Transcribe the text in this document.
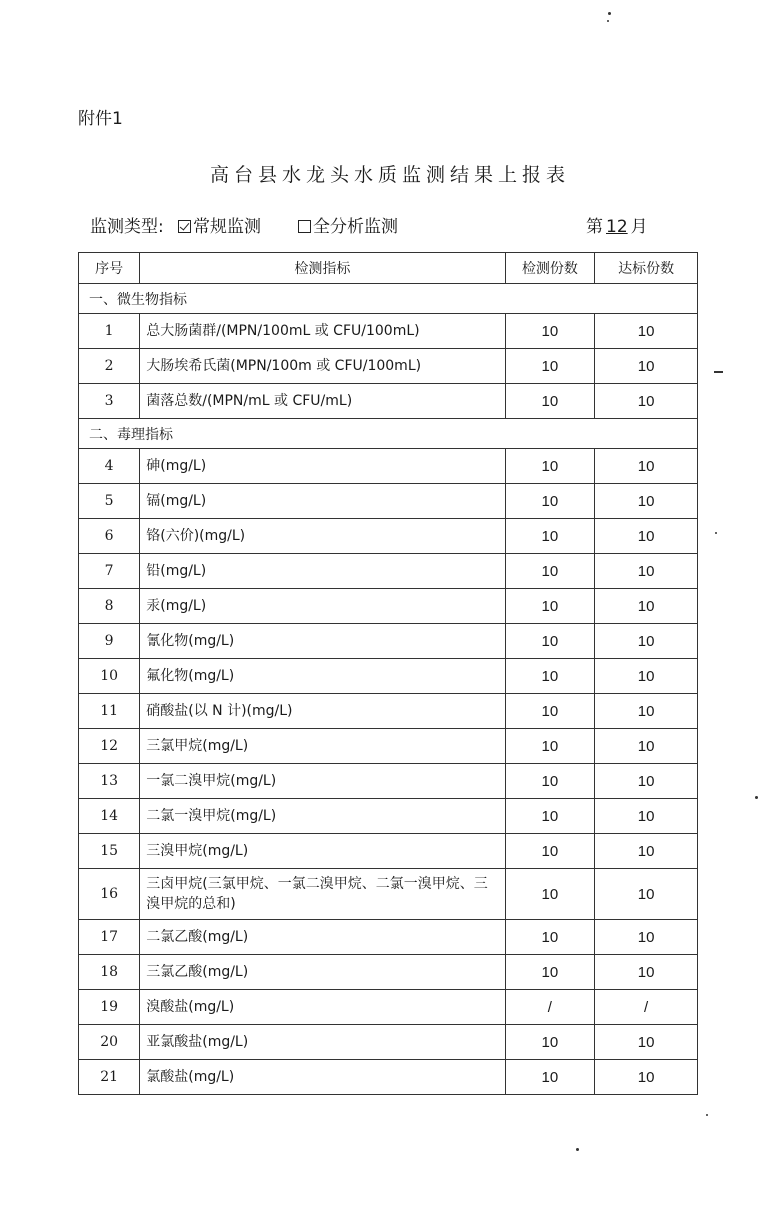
附件1
高台县水龙头水质监测结果上报表
监测类型:	常规监测	全分析监测	第 12 月
序号	检测指标	检测份数	达标份数
一、微生物指标			
1	总大肠菌群/(MPN/100mL 或 CFU/100mL)	10	10
2	大肠埃希氏菌(MPN/100m 或 CFU/100mL)	10	10
3	菌落总数/(MPN/mL 或 CFU/mL)	10	10
二、毒理指标			
4	砷(mg/L)	10	10
5	镉(mg/L)	10	10
6	铬(六价)(mg/L)	10	10
7	铅(mg/L)	10	10
8	汞(mg/L)	10	10
9	氰化物(mg/L)	10	10
10	氟化物(mg/L)	10	10
11	硝酸盐(以 N 计)(mg/L)	10	10
12	三氯甲烷(mg/L)	10	10
13	一氯二溴甲烷(mg/L)	10	10
14	二氯一溴甲烷(mg/L)	10	10
15	三溴甲烷(mg/L)	10	10
16	三卤甲烷(三氯甲烷、一氯二溴甲烷、二氯一溴甲烷、三溴甲烷的总和)	10	10
17	二氯乙酸(mg/L)	10	10
18	三氯乙酸(mg/L)	10	10
19	溴酸盐(mg/L)	/	/
20	亚氯酸盐(mg/L)	10	10
21	氯酸盐(mg/L)	10	10
